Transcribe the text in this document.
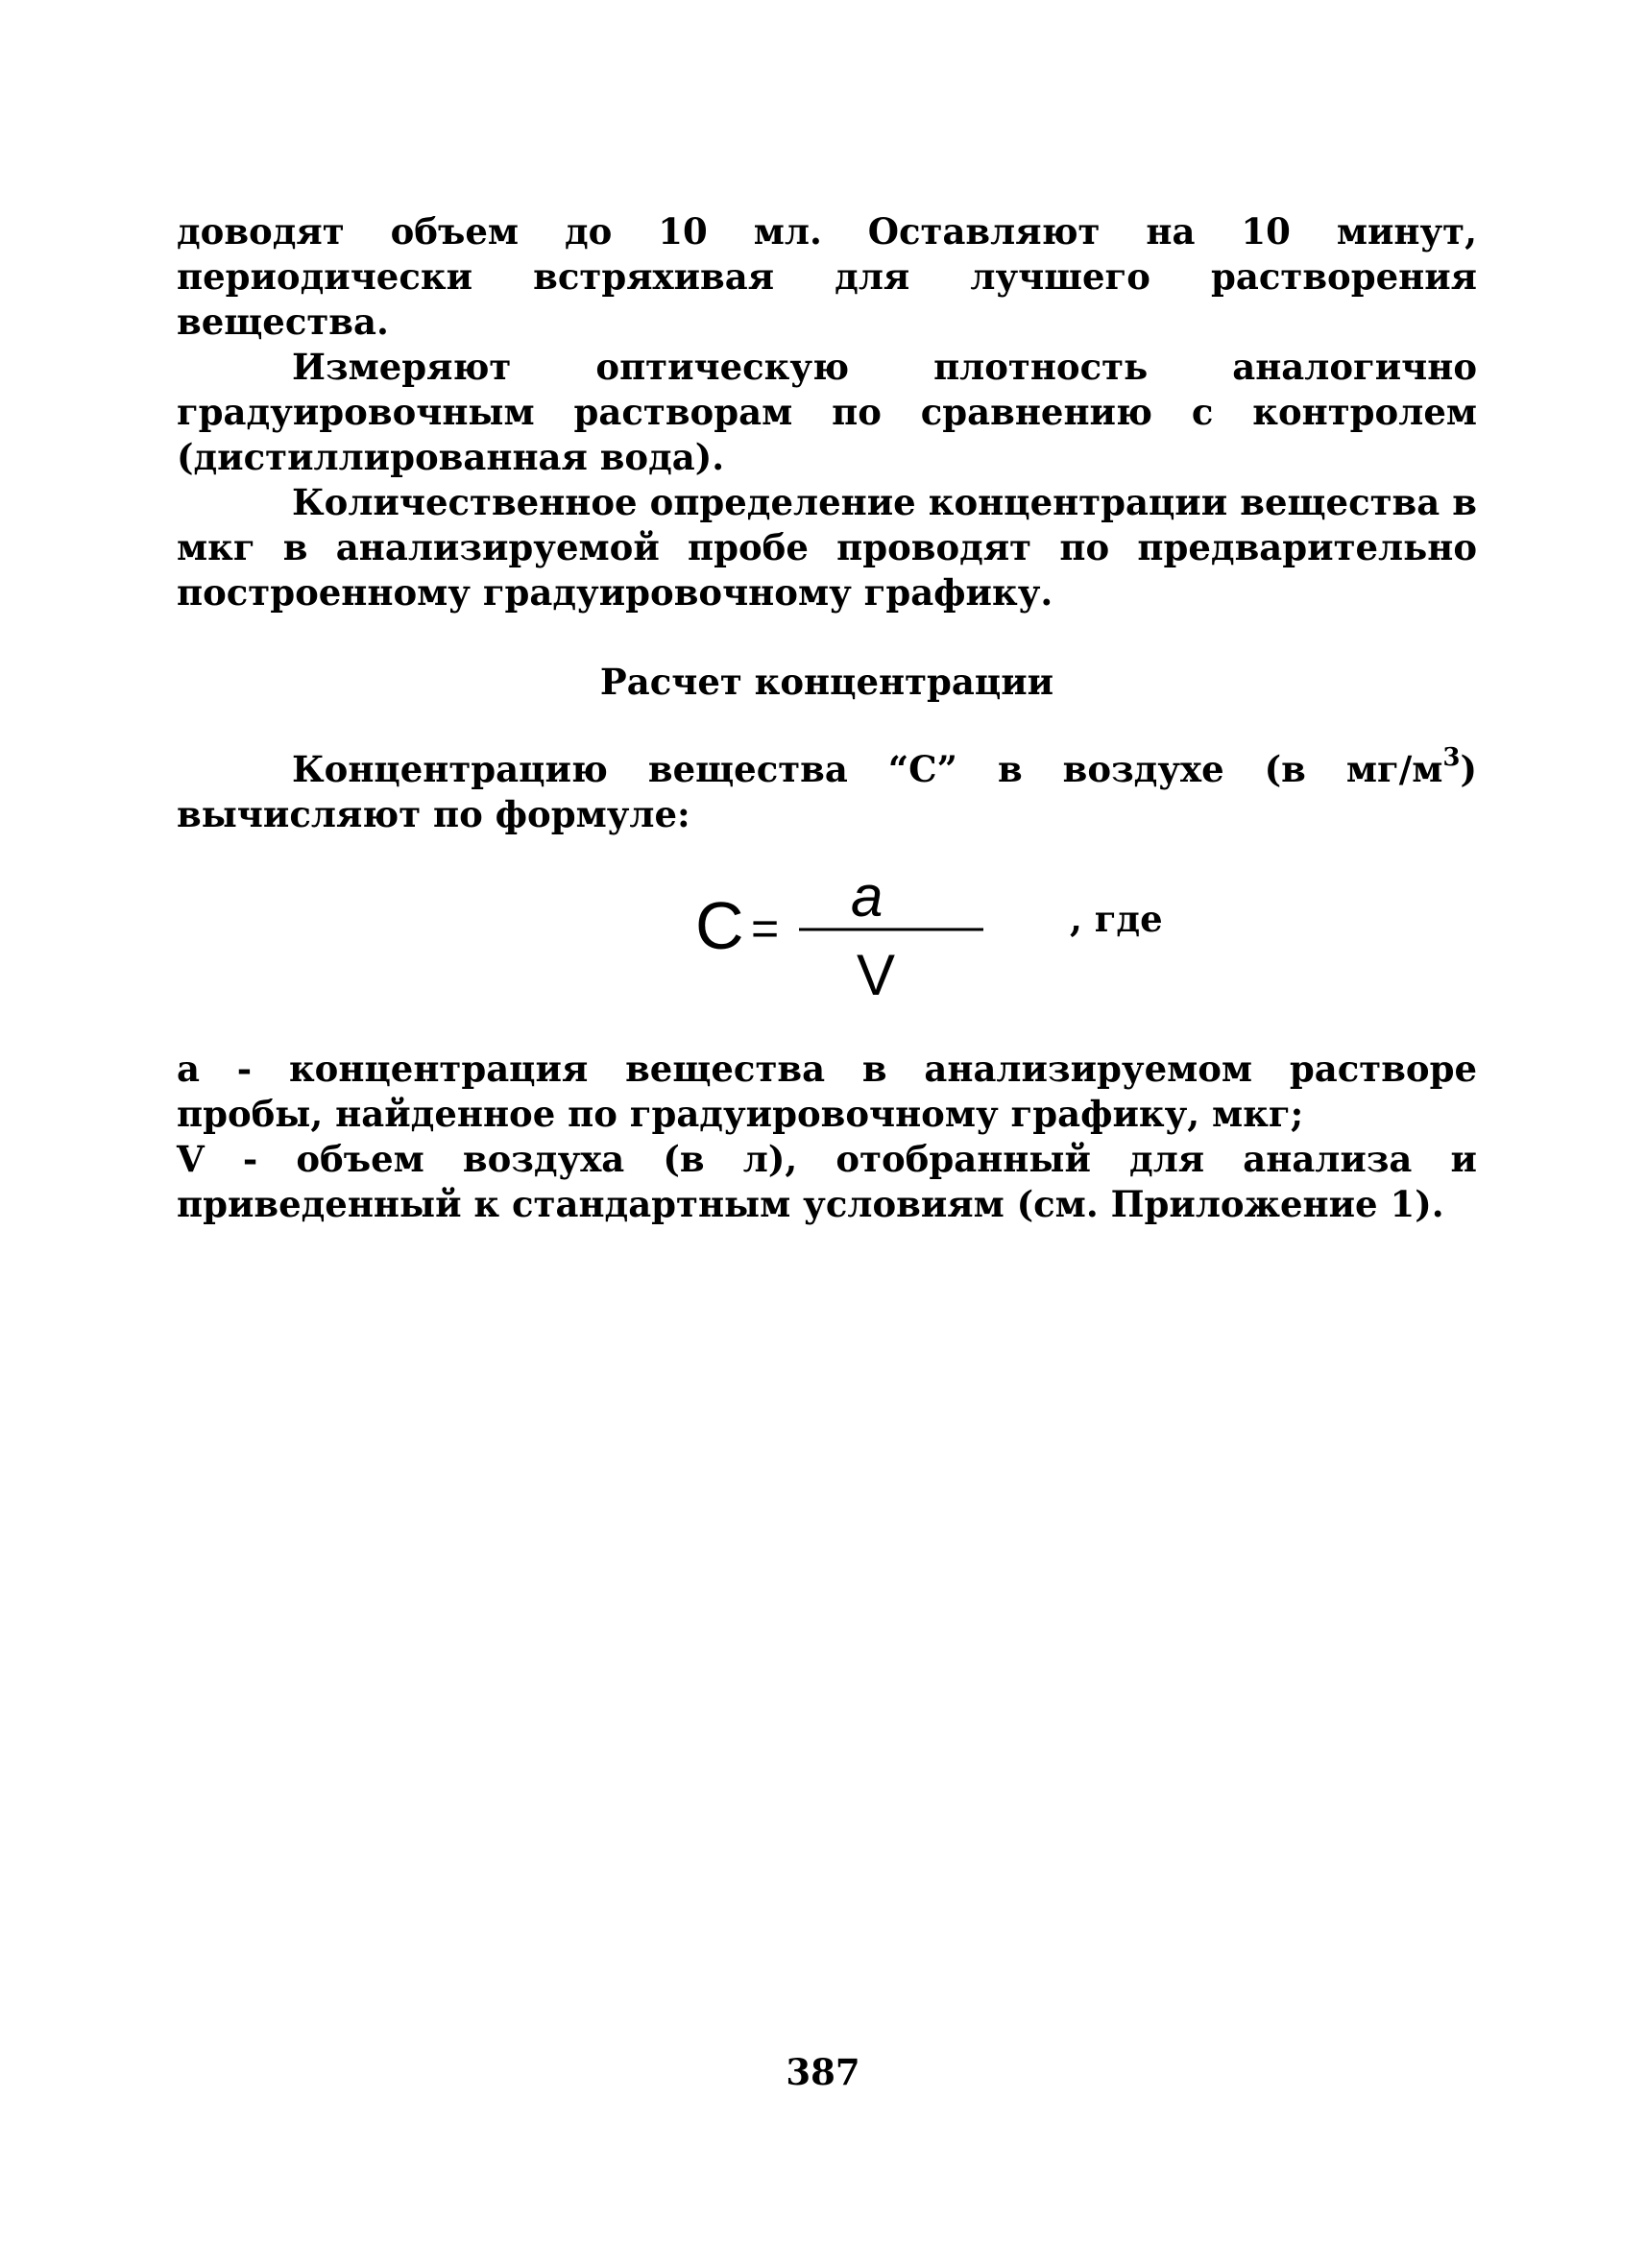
доводят объем до 10 мл. Оставляют на 10 минут, периодически встряхивая для лучшего растворения вещества.

Измеряют оптическую плотность аналогично градуировочным растворам по сравнению с контролем (дистиллированная вода).

Количественное определение концентрации вещества в мкг в анализируемой пробе проводят по предварительно построенному градуировочному графику.

Расчет концентрации

Концентрацию вещества “С” в воздухе (в $мг/м^3$) вычисляют по формуле:

C = a
V
, где

а - концентрация вещества в анализируемом растворе пробы, найденное по градуировочному графику, мкг;

V - объем воздуха (в л), отобранный для анализа и приведенный к стандартным условиям (см. Приложение 1).

387
